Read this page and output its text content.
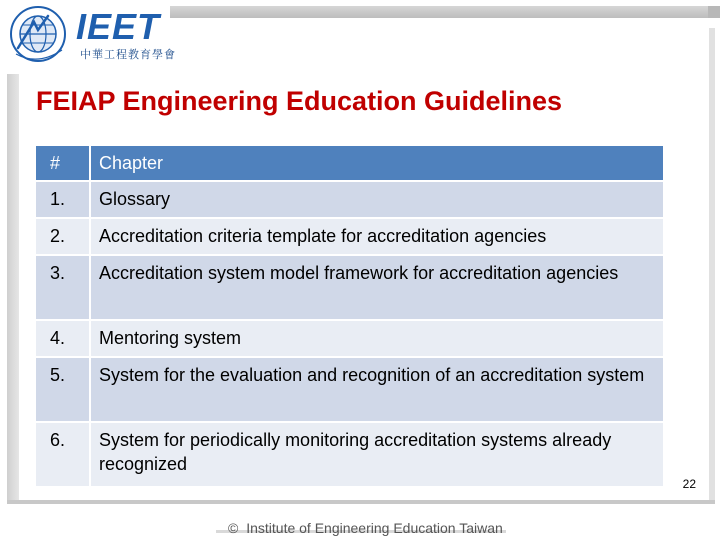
IEET
中華工程教育學會
FEIAP Engineering Education Guidelines
#	Chapter
1.	Glossary
2.	Accreditation criteria template for accreditation agencies
3.	Accreditation system model framework for accreditation agencies
4.	Mentoring system
5.	System for the evaluation and recognition of an accreditation system
6.	System for periodically monitoring accreditation systems already recognized
22
© Institute of Engineering Education Taiwan
